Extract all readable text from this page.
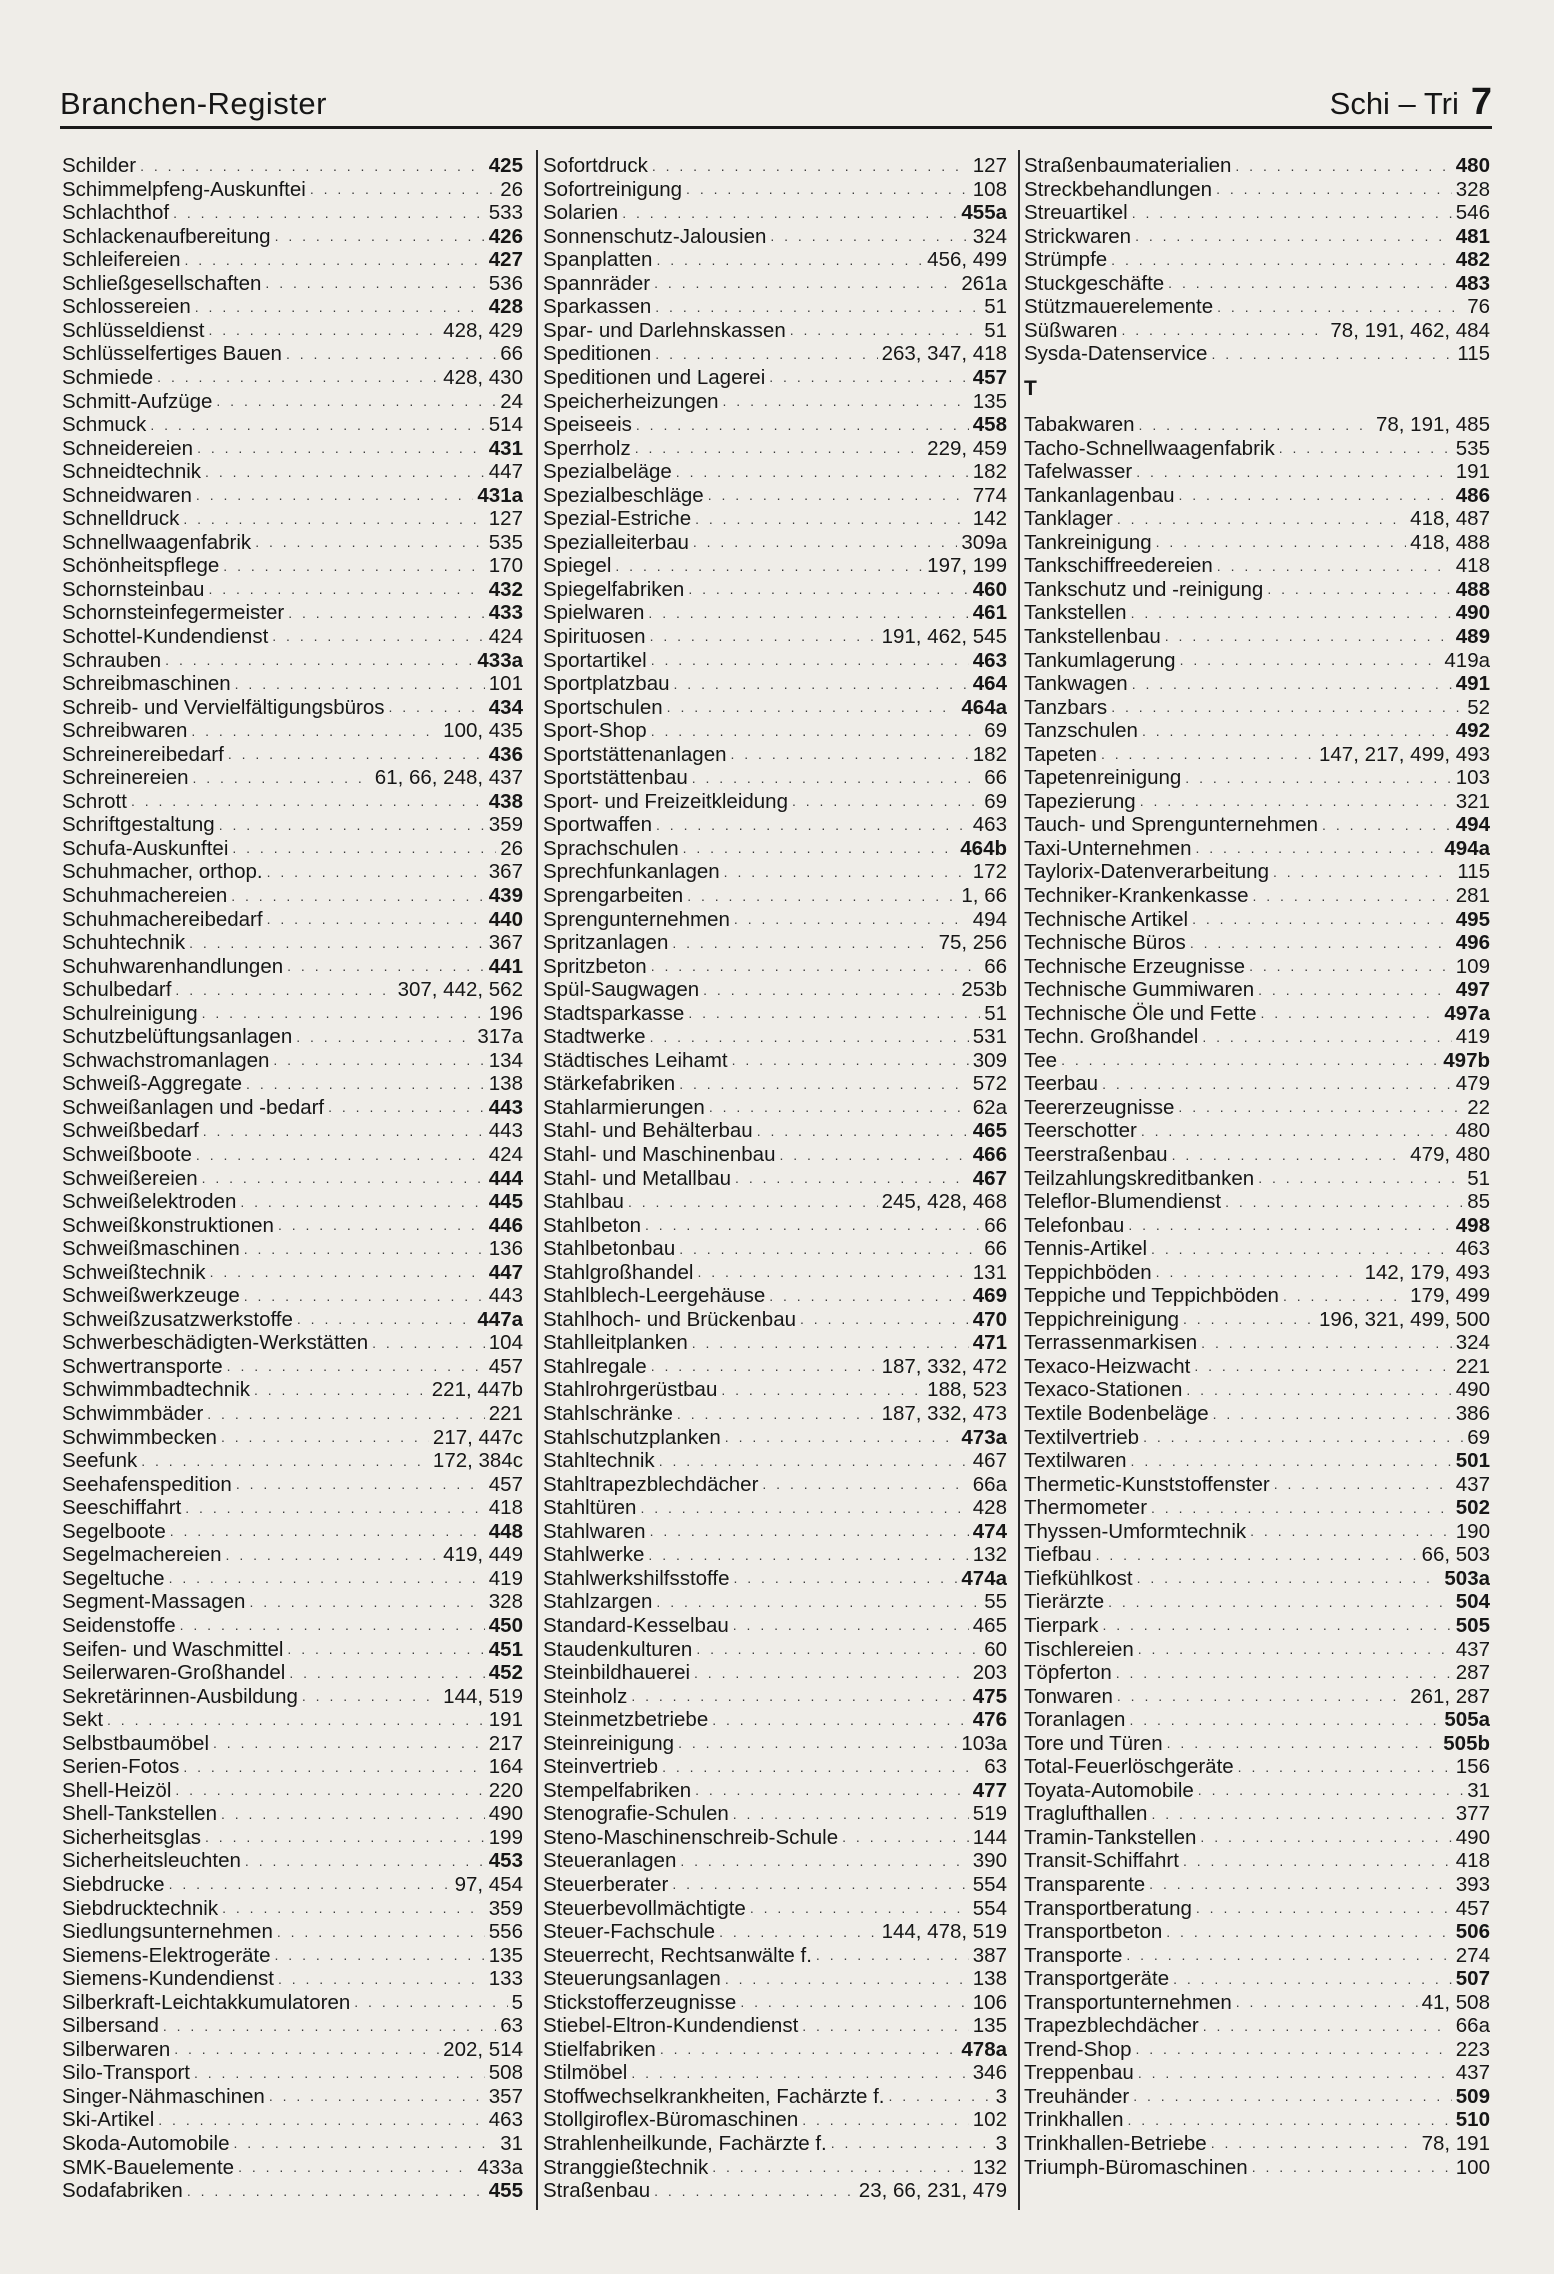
Branchen-Register	Schi – Tri 7
Schilder . . .	425
Schimmelpfeng-Auskunftei . . .	26
Schlachthof . . .	533
Schlackenaufbereitung . . .	426
Schleifereien . . .	427
Schließgesellschaften . . .	536
Schlossereien . . .	428
Schlüsseldienst . . .	428, 429
Schlüsselfertiges Bauen . . .	66
Schmiede . . .	428, 430
Schmitt-Aufzüge . . .	24
Schmuck . . .	514
Schneidereien . . .	431
Schneidtechnik . . .	447
Schneidwaren . . .	431a
Schnelldruck . . .	127
Schnellwaagenfabrik . . .	535
Schönheitspflege . . .	170
Schornsteinbau . . .	432
Schornsteinfegermeister . . .	433
Schottel-Kundendienst . . .	424
Schrauben . . .	433a
Schreibmaschinen . . .	101
Schreib- und Vervielfältigungsbüros . . .	434
Schreibwaren . . .	100, 435
Schreinereibedarf . . .	436
Schreinereien . . .	61, 66, 248, 437
Schrott . . .	438
Schriftgestaltung . . .	359
Schufa-Auskunftei . . .	26
Schuhmacher, orthop. . . .	367
Schuhmachereien . . .	439
Schuhmachereibedarf . . .	440
Schuhtechnik . . .	367
Schuhwarenhandlungen . . .	441
Schulbedarf . . .	307, 442, 562
Schulreinigung . . .	196
Schutzbelüftungsanlagen . . .	317a
Schwachstromanlagen . . .	134
Schweiß-Aggregate . . .	138
Schweißanlagen und -bedarf . . .	443
Schweißbedarf . . .	443
Schweißboote . . .	424
Schweißereien . . .	444
Schweißelektroden . . .	445
Schweißkonstruktionen . . .	446
Schweißmaschinen . . .	136
Schweißtechnik . . .	447
Schweißwerkzeuge . . .	443
Schweißzusatzwerkstoffe . . .	447a
Schwerbeschädigten-Werkstätten . . .	104
Schwertransporte . . .	457
Schwimmbadtechnik . . .	221, 447b
Schwimmbäder . . .	221
Schwimmbecken . . .	217, 447c
Seefunk . . .	172, 384c
Seehafenspedition . . .	457
Seeschiffahrt . . .	418
Segelboote . . .	448
Segelmachereien . . .	419, 449
Segeltuche . . .	419
Segment-Massagen . . .	328
Seidenstoffe . . .	450
Seifen- und Waschmittel . . .	451
Seilerwaren-Großhandel . . .	452
Sekretärinnen-Ausbildung . . .	144, 519
Sekt . . .	191
Selbstbaumöbel . . .	217
Serien-Fotos . . .	164
Shell-Heizöl . . .	220
Shell-Tankstellen . . .	490
Sicherheitsglas . . .	199
Sicherheitsleuchten . . .	453
Siebdrucke . . .	97, 454
Siebdrucktechnik . . .	359
Siedlungsunternehmen . . .	556
Siemens-Elektrogeräte . . .	135
Siemens-Kundendienst . . .	133
Silberkraft-Leichtakkumulatoren . . .	5
Silbersand . . .	63
Silberwaren . . .	202, 514
Silo-Transport . . .	508
Singer-Nähmaschinen . . .	357
Ski-Artikel . . .	463
Skoda-Automobile . . .	31
SMK-Bauelemente . . .	433a
Sodafabriken . . .	455
Sofortdruck . . .	127
Sofortreinigung . . .	108
Solarien . . .	455a
Sonnenschutz-Jalousien . . .	324
Spanplatten . . .	456, 499
Spannräder . . .	261a
Sparkassen . . .	51
Spar- und Darlehnskassen . . .	51
Speditionen . . .	263, 347, 418
Speditionen und Lagerei . . .	457
Speicherheizungen . . .	135
Speiseeis . . .	458
Sperrholz . . .	229, 459
Spezialbeläge . . .	182
Spezialbeschläge . . .	774
Spezial-Estriche . . .	142
Spezialleiterbau . . .	309a
Spiegel . . .	197, 199
Spiegelfabriken . . .	460
Spielwaren . . .	461
Spirituosen . . .	191, 462, 545
Sportartikel . . .	463
Sportplatzbau . . .	464
Sportschulen . . .	464a
Sport-Shop . . .	69
Sportstättenanlagen . . .	182
Sportstättenbau . . .	66
Sport- und Freizeitkleidung . . .	69
Sportwaffen . . .	463
Sprachschulen . . .	464b
Sprechfunkanlagen . . .	172
Sprengarbeiten . . .	1, 66
Sprengunternehmen . . .	494
Spritzanlagen . . .	75, 256
Spritzbeton . . .	66
Spül-Saugwagen . . .	253b
Stadtsparkasse . . .	51
Stadtwerke . . .	531
Städtisches Leihamt . . .	309
Stärkefabriken . . .	572
Stahlarmierungen . . .	62a
Stahl- und Behälterbau . . .	465
Stahl- und Maschinenbau . . .	466
Stahl- und Metallbau . . .	467
Stahlbau . . .	245, 428, 468
Stahlbeton . . .	66
Stahlbetonbau . . .	66
Stahlgroßhandel . . .	131
Stahlblech-Leergehäuse . . .	469
Stahlhoch- und Brückenbau . . .	470
Stahlleitplanken . . .	471
Stahlregale . . .	187, 332, 472
Stahlrohrgerüstbau . . .	188, 523
Stahlschränke . . .	187, 332, 473
Stahlschutzplanken . . .	473a
Stahltechnik . . .	467
Stahltrapezblechdächer . . .	66a
Stahltüren . . .	428
Stahlwaren . . .	474
Stahlwerke . . .	132
Stahlwerkshilfsstoffe . . .	474a
Stahlzargen . . .	55
Standard-Kesselbau . . .	465
Staudenkulturen . . .	60
Steinbildhauerei . . .	203
Steinholz . . .	475
Steinmetzbetriebe . . .	476
Steinreinigung . . .	103a
Steinvertrieb . . .	63
Stempelfabriken . . .	477
Stenografie-Schulen . . .	519
Steno-Maschinenschreib-Schule . . .	144
Steueranlagen . . .	390
Steuerberater . . .	554
Steuerbevollmächtigte . . .	554
Steuer-Fachschule . . .	144, 478, 519
Steuerrecht, Rechtsanwälte f. . . .	387
Steuerungsanlagen . . .	138
Stickstofferzeugnisse . . .	106
Stiebel-Eltron-Kundendienst . . .	135
Stielfabriken . . .	478a
Stilmöbel . . .	346
Stoffwechselkrankheiten, Fachärzte f. . . .	3
Stollgiroflex-Büromaschinen . . .	102
Strahlenheilkunde, Fachärzte f. . . .	3
Stranggießtechnik . . .	132
Straßenbau . . .	23, 66, 231, 479
Straßenbaumaterialien . . .	480
Streckbehandlungen . . .	328
Streuartikel . . .	546
Strickwaren . . .	481
Strümpfe . . .	482
Stuckgeschäfte . . .	483
Stützmauerelemente . . .	76
Süßwaren . . .	78, 191, 462, 484
Sysda-Datenservice . . .	115
T
Tabakwaren . . .	78, 191, 485
Tacho-Schnellwaagenfabrik . . .	535
Tafelwasser . . .	191
Tankanlagenbau . . .	486
Tanklager . . .	418, 487
Tankreinigung . . .	418, 488
Tankschiffreedereien . . .	418
Tankschutz und -reinigung . . .	488
Tankstellen . . .	490
Tankstellenbau . . .	489
Tankumlagerung . . .	419a
Tankwagen . . .	491
Tanzbars . . .	52
Tanzschulen . . .	492
Tapeten . . .	147, 217, 499, 493
Tapetenreinigung . . .	103
Tapezierung . . .	321
Tauch- und Sprengunternehmen . . .	494
Taxi-Unternehmen . . .	494a
Taylorix-Datenverarbeitung . . .	115
Techniker-Krankenkasse . . .	281
Technische Artikel . . .	495
Technische Büros . . .	496
Technische Erzeugnisse . . .	109
Technische Gummiwaren . . .	497
Technische Öle und Fette . . .	497a
Techn. Großhandel . . .	419
Tee . . .	497b
Teerbau . . .	479
Teererzeugnisse . . .	22
Teerschotter . . .	480
Teerstraßenbau . . .	479, 480
Teilzahlungskreditbanken . . .	51
Teleflor-Blumendienst . . .	85
Telefonbau . . .	498
Tennis-Artikel . . .	463
Teppichböden . . .	142, 179, 493
Teppiche und Teppichböden . . .	179, 499
Teppichreinigung . . .	196, 321, 499, 500
Terrassenmarkisen . . .	324
Texaco-Heizwacht . . .	221
Texaco-Stationen . . .	490
Textile Bodenbeläge . . .	386
Textilvertrieb . . .	69
Textilwaren . . .	501
Thermetic-Kunststoffenster . . .	437
Thermometer . . .	502
Thyssen-Umformtechnik . . .	190
Tiefbau . . .	66, 503
Tiefkühlkost . . .	503a
Tierärzte . . .	504
Tierpark . . .	505
Tischlereien . . .	437
Töpferton . . .	287
Tonwaren . . .	261, 287
Toranlagen . . .	505a
Tore und Türen . . .	505b
Total-Feuerlöschgeräte . . .	156
Toyata-Automobile . . .	31
Traglufthallen . . .	377
Tramin-Tankstellen . . .	490
Transit-Schiffahrt . . .	418
Transparente . . .	393
Transportberatung . . .	457
Transportbeton . . .	506
Transporte . . .	274
Transportgeräte . . .	507
Transportunternehmen . . .	41, 508
Trapezblechdächer . . .	66a
Trend-Shop . . .	223
Treppenbau . . .	437
Treuhänder . . .	509
Trinkhallen . . .	510
Trinkhallen-Betriebe . . .	78, 191
Triumph-Büromaschinen . . .	100
